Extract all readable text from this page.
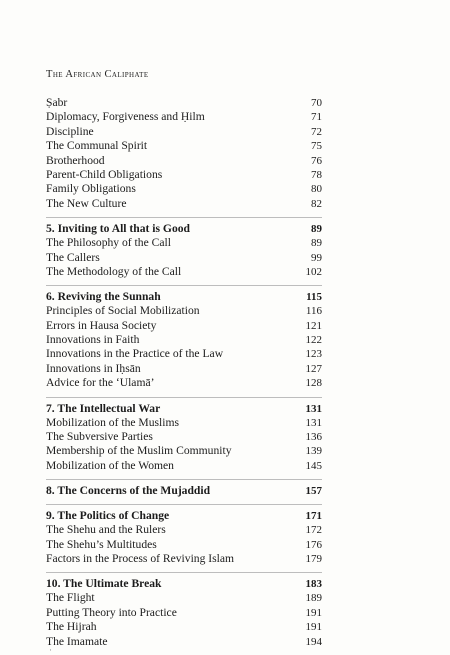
The African Caliphate
Ṣabr	70
Diplomacy, Forgiveness and Ḥilm	71
Discipline	72
The Communal Spirit	75
Brotherhood	76
Parent-Child Obligations	78
Family Obligations	80
The New Culture	82
5. Inviting to All that is Good	89
The Philosophy of the Call	89
The Callers	99
The Methodology of the Call	102
6. Reviving the Sunnah	115
Principles of Social Mobilization	116
Errors in Hausa Society	121
Innovations in Faith	122
Innovations in the Practice of the Law	123
Innovations in Iḥsān	127
Advice for the ‘Ulamā’	128
7. The Intellectual War	131
Mobilization of the Muslims	131
The Subversive Parties	136
Membership of the Muslim Community	139
Mobilization of the Women	145
8. The Concerns of the Mujaddid	157
9. The Politics of Change	171
The Shehu and the Rulers	172
The Shehu’s Multitudes	176
Factors in the Process of Reviving Islam	179
10. The Ultimate Break	183
The Flight	189
Putting Theory into Practice	191
The Hijrah	191
The Imamate	194
·
